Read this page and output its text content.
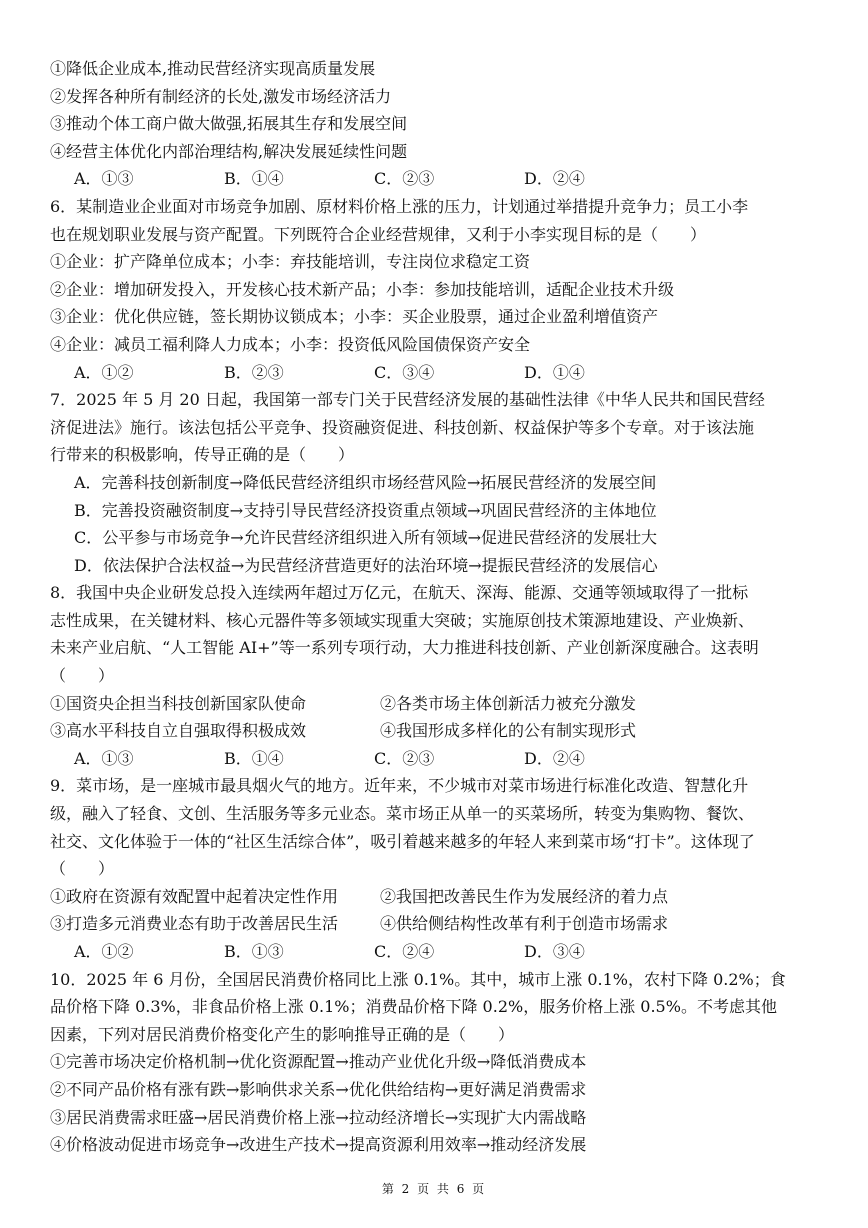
①降低企业成本,推动民营经济实现高质量发展
②发挥各种所有制经济的长处,激发市场经济活力
③推动个体工商户做大做强,拓展其生存和发展空间
④经营主体优化内部治理结构,解决发展延续性问题
A．①③	B．①④	C．②③	D．②④
6．某制造业企业面对市场竞争加剧、原材料价格上涨的压力，计划通过举措提升竞争力；员工小李
也在规划职业发展与资产配置。下列既符合企业经营规律，又利于小李实现目标的是（　　）
①企业：扩产降单位成本；小李：弃技能培训，专注岗位求稳定工资
②企业：增加研发投入，开发核心技术新产品；小李：参加技能培训，适配企业技术升级
③企业：优化供应链，签长期协议锁成本；小李：买企业股票，通过企业盈利增值资产
④企业：减员工福利降人力成本；小李：投资低风险国债保资产安全
A．①②	B．②③	C．③④	D．①④
7．2025 年 5 月 20 日起，我国第一部专门关于民营经济发展的基础性法律《中华人民共和国民营经
济促进法》施行。该法包括公平竞争、投资融资促进、科技创新、权益保护等多个专章。对于该法施
行带来的积极影响，传导正确的是（　　）
A．完善科技创新制度→降低民营经济组织市场经营风险→拓展民营经济的发展空间
B．完善投资融资制度→支持引导民营经济投资重点领域→巩固民营经济的主体地位
C．公平参与市场竞争→允许民营经济组织进入所有领域→促进民营经济的发展壮大
D．依法保护合法权益→为民营经济营造更好的法治环境→提振民营经济的发展信心
8．我国中央企业研发总投入连续两年超过万亿元，在航天、深海、能源、交通等领域取得了一批标
志性成果，在关键材料、核心元器件等多领域实现重大突破；实施原创技术策源地建设、产业焕新、
未来产业启航、“人工智能 AI+”等一系列专项行动，大力推进科技创新、产业创新深度融合。这表明
（　　）
①国资央企担当科技创新国家队使命	②各类市场主体创新活力被充分激发
③高水平科技自立自强取得积极成效	④我国形成多样化的公有制实现形式
A．①③	B．①④	C．②③	D．②④
9．菜市场，是一座城市最具烟火气的地方。近年来，不少城市对菜市场进行标准化改造、智慧化升
级，融入了轻食、文创、生活服务等多元业态。菜市场正从单一的买菜场所，转变为集购物、餐饮、
社交、文化体验于一体的“社区生活综合体”，吸引着越来越多的年轻人来到菜市场“打卡”。这体现了
（　　）
①政府在资源有效配置中起着决定性作用	②我国把改善民生作为发展经济的着力点
③打造多元消费业态有助于改善居民生活	④供给侧结构性改革有利于创造市场需求
A．①②	B．①③	C．②④	D．③④
10．2025 年 6 月份，全国居民消费价格同比上涨 0.1%。其中，城市上涨 0.1%，农村下降 0.2%；食
品价格下降 0.3%，非食品价格上涨 0.1%；消费品价格下降 0.2%，服务价格上涨 0.5%。不考虑其他
因素，下列对居民消费价格变化产生的影响推导正确的是（　　）
①完善市场决定价格机制→优化资源配置→推动产业优化升级→降低消费成本
②不同产品价格有涨有跌→影响供求关系→优化供给结构→更好满足消费需求
③居民消费需求旺盛→居民消费价格上涨→拉动经济增长→实现扩大内需战略
④价格波动促进市场竞争→改进生产技术→提高资源利用效率→推动经济发展
第 2 页 共 6 页
